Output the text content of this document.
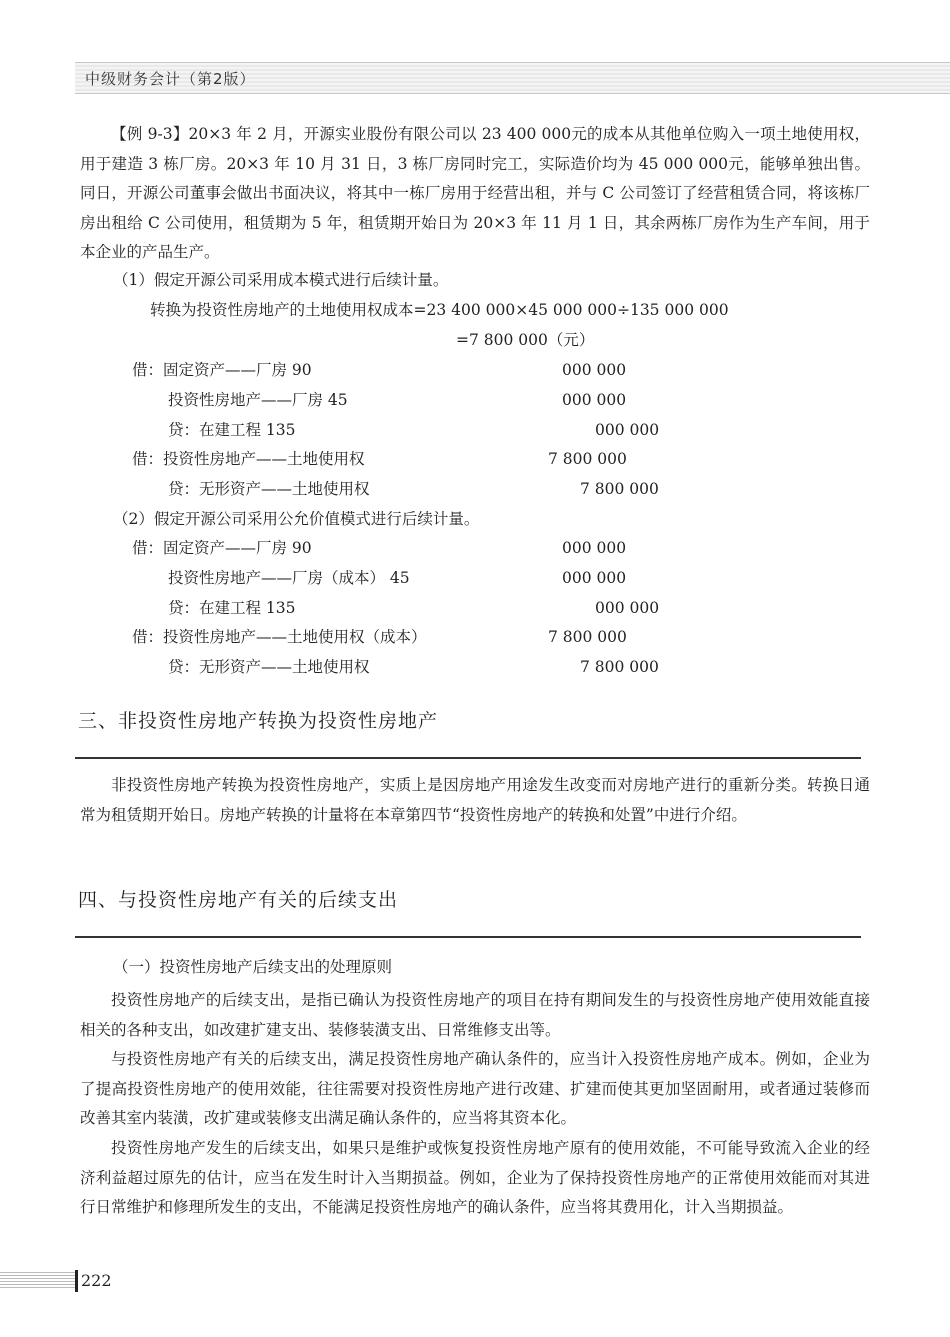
中级财务会计（第2版）

【例 9-3】20×3 年 2 月，开源实业股份有限公司以 23 400 000元的成本从其他单位购入一项土地使用权，用于建造 3 栋厂房。20×3 年 10 月 31 日，3 栋厂房同时完工，实际造价均为 45 000 000元，能够单独出售。同日，开源公司董事会做出书面决议，将其中一栋厂房用于经营出租，并与 C 公司签订了经营租赁合同，将该栋厂房出租给 C 公司使用，租赁期为 5 年，租赁期开始日为 20×3 年 11 月 1 日，其余两栋厂房作为生产车间，用于本企业的产品生产。

（1）假定开源公司采用成本模式进行后续计量。
转换为投资性房地产的土地使用权成本=23 400 000×45 000 000÷135 000 000
=7 800 000（元）
借：固定资产——厂房 90	000 000
投资性房地产——厂房 45	000 000
贷：在建工程 135	000 000
借：投资性房地产——土地使用权	7 800 000
贷：无形资产——土地使用权	7 800 000
（2）假定开源公司采用公允价值模式进行后续计量。
借：固定资产——厂房 90	000 000
投资性房地产——厂房（成本） 45	000 000
贷：在建工程 135	000 000
借：投资性房地产——土地使用权（成本）	7 800 000
贷：无形资产——土地使用权	7 800 000
三、非投资性房地产转换为投资性房地产

非投资性房地产转换为投资性房地产，实质上是因房地产用途发生改变而对房地产进行的重新分类。转换日通常为租赁期开始日。房地产转换的计量将在本章第四节“投资性房地产的转换和处置”中进行介绍。

四、与投资性房地产有关的后续支出
（一）投资性房地产后续支出的处理原则

投资性房地产的后续支出，是指已确认为投资性房地产的项目在持有期间发生的与投资性房地产使用效能直接相关的各种支出，如改建扩建支出、装修装潢支出、日常维修支出等。

与投资性房地产有关的后续支出，满足投资性房地产确认条件的，应当计入投资性房地产成本。例如，企业为了提高投资性房地产的使用效能，往往需要对投资性房地产进行改建、扩建而使其更加坚固耐用，或者通过装修而改善其室内装潢，改扩建或装修支出满足确认条件的，应当将其资本化。

投资性房地产发生的后续支出，如果只是维护或恢复投资性房地产原有的使用效能，不可能导致流入企业的经济利益超过原先的估计，应当在发生时计入当期损益。例如，企业为了保持投资性房地产的正常使用效能而对其进行日常维护和修理所发生的支出，不能满足投资性房地产的确认条件，应当将其费用化，计入当期损益。

222
